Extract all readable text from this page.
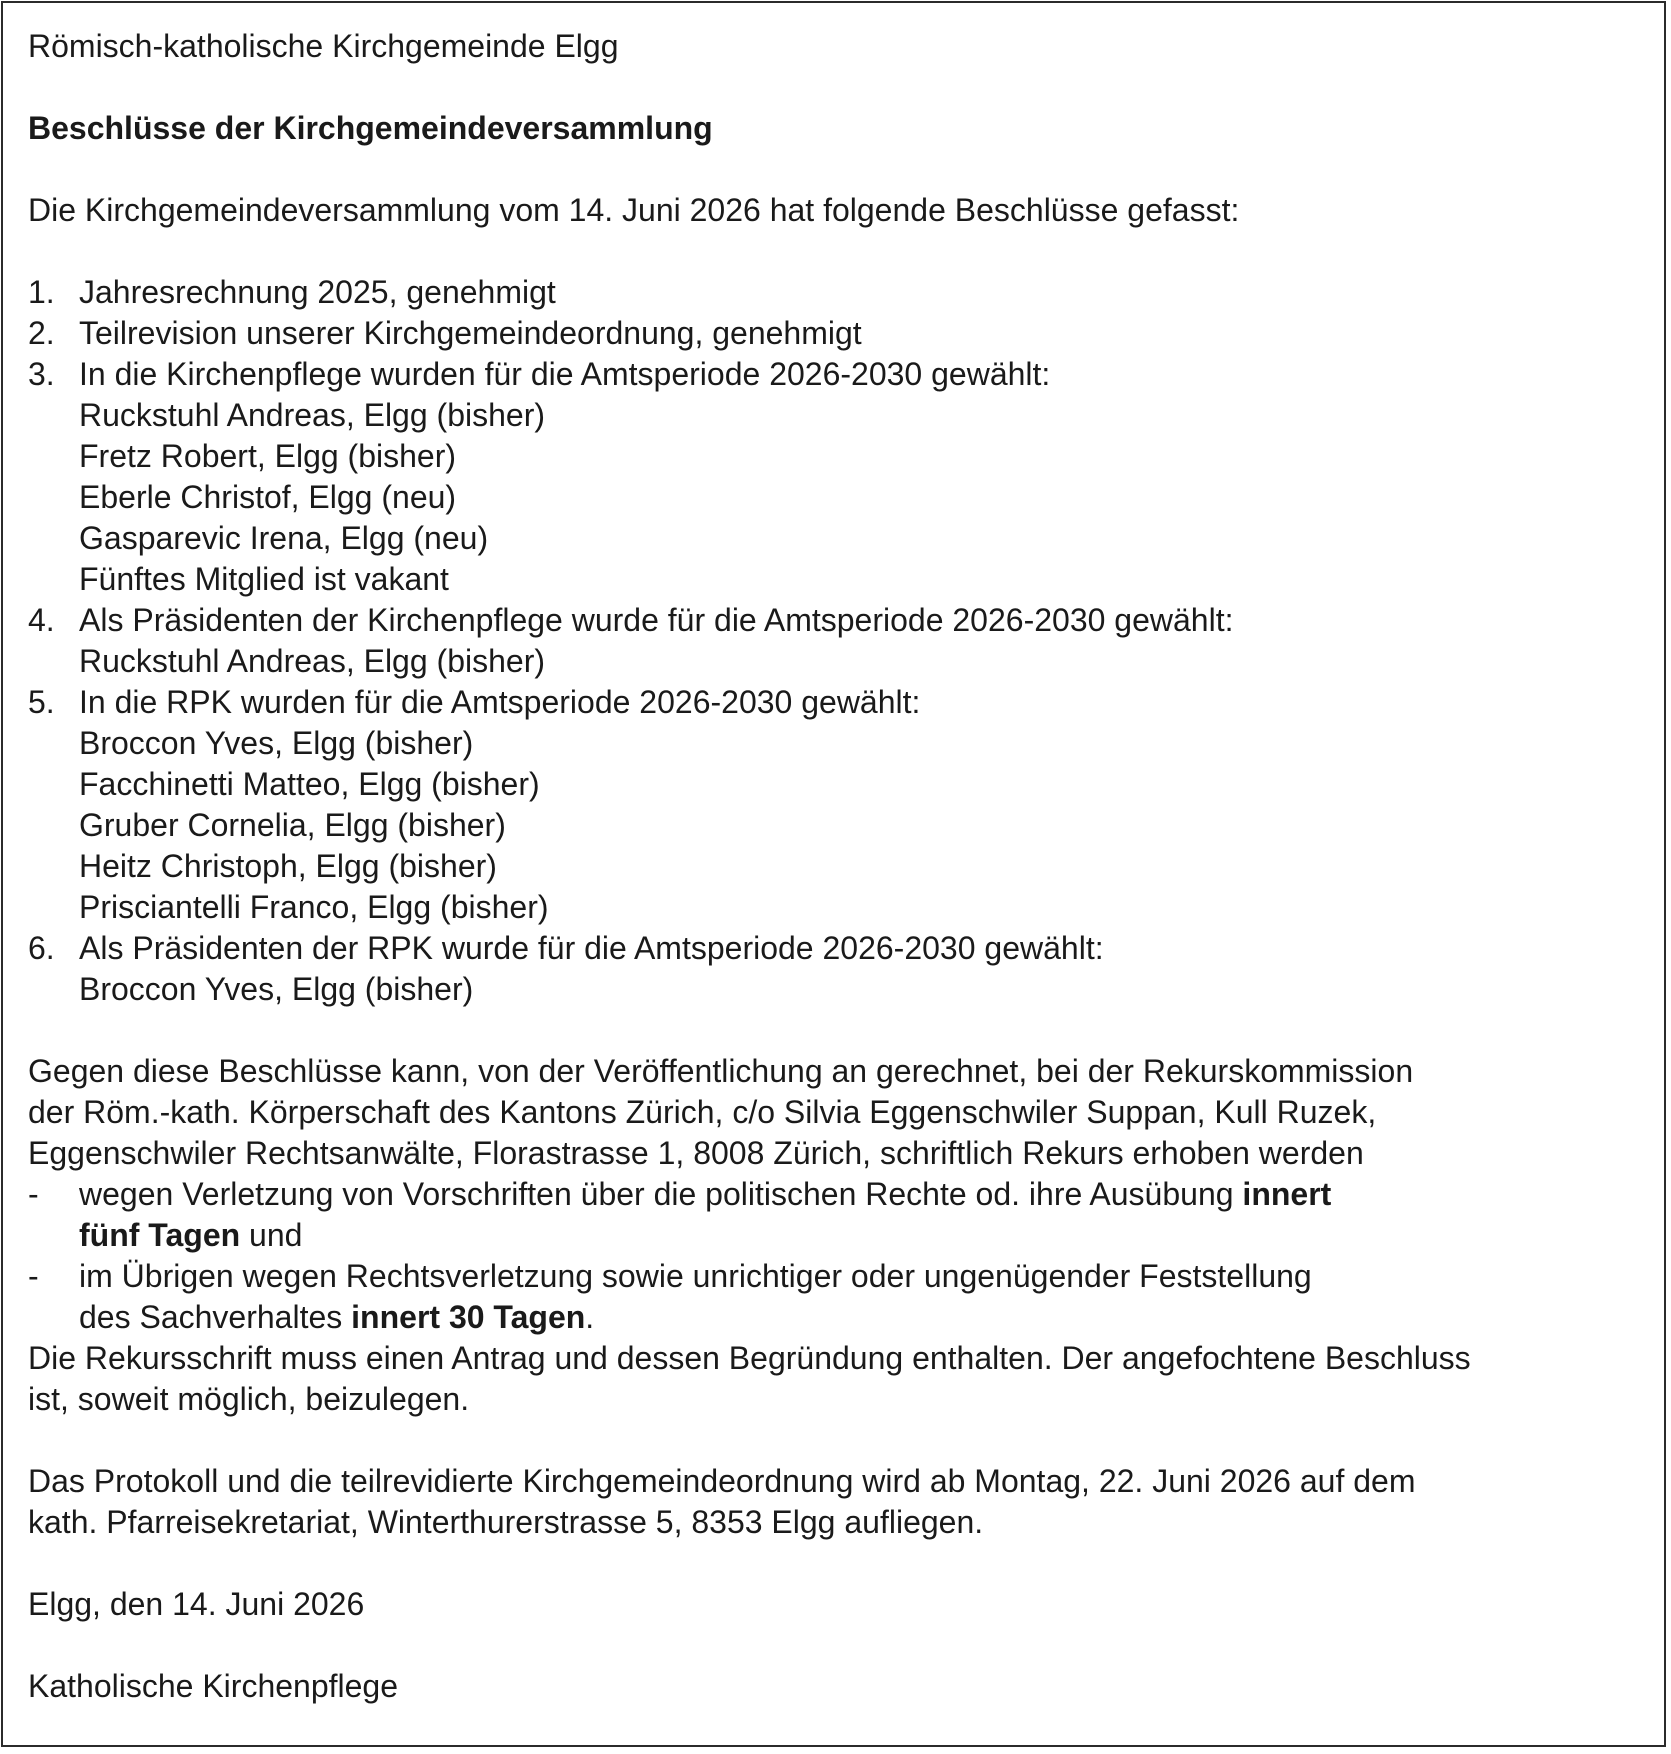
Römisch-katholische Kirchgemeinde Elgg
Beschlüsse der Kirchgemeindeversammlung
Die Kirchgemeindeversammlung vom 14. Juni 2026 hat folgende Beschlüsse gefasst:
1. Jahresrechnung 2025, genehmigt
2. Teilrevision unserer Kirchgemeindeordnung, genehmigt
3. In die Kirchenpflege wurden für die Amtsperiode 2026-2030 gewählt:
Ruckstuhl Andreas, Elgg (bisher)
Fretz Robert, Elgg (bisher)
Eberle Christof, Elgg (neu)
Gasparevic Irena, Elgg (neu)
Fünftes Mitglied ist vakant
4. Als Präsidenten der Kirchenpflege wurde für die Amtsperiode 2026-2030 gewählt:
Ruckstuhl Andreas, Elgg (bisher)
5. In die RPK wurden für die Amtsperiode 2026-2030 gewählt:
Broccon Yves, Elgg (bisher)
Facchinetti Matteo, Elgg (bisher)
Gruber Cornelia, Elgg (bisher)
Heitz Christoph, Elgg (bisher)
Prisciantelli Franco, Elgg (bisher)
6. Als Präsidenten der RPK wurde für die Amtsperiode 2026-2030 gewählt:
Broccon Yves, Elgg (bisher)
Gegen diese Beschlüsse kann, von der Veröffentlichung an gerechnet, bei der Rekurskommission
der Röm.-kath. Körperschaft des Kantons Zürich, c/o Silvia Eggenschwiler Suppan, Kull Ruzek,
Eggenschwiler Rechtsanwälte, Florastrasse 1, 8008 Zürich, schriftlich Rekurs erhoben werden
- wegen Verletzung von Vorschriften über die politischen Rechte od. ihre Ausübung innert
fünf Tagen und
- im Übrigen wegen Rechtsverletzung sowie unrichtiger oder ungenügender Feststellung
des Sachverhaltes innert 30 Tagen.
Die Rekursschrift muss einen Antrag und dessen Begründung enthalten. Der angefochtene Beschluss
ist, soweit möglich, beizulegen.
Das Protokoll und die teilrevidierte Kirchgemeindeordnung wird ab Montag, 22. Juni 2026 auf dem
kath. Pfarreisekretariat, Winterthurerstrasse 5, 8353 Elgg aufliegen.
Elgg, den 14. Juni 2026
Katholische Kirchenpflege
